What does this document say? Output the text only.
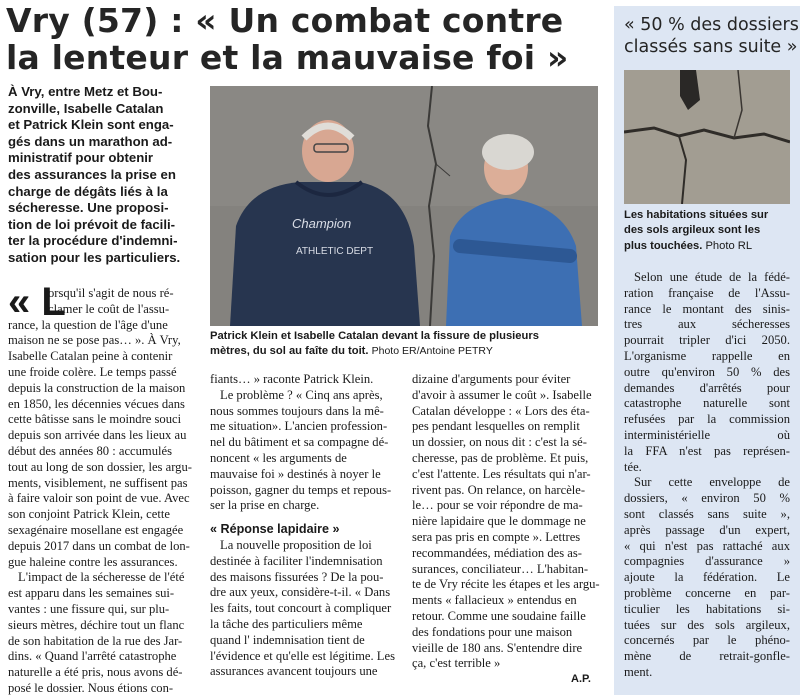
Vry (57) : « Un combat contre
la lenteur et la mauvaise foi »
À Vry, entre Metz et Bou-
zonville, Isabelle Catalan
et Patrick Klein sont enga-
gés dans un marathon ad-
ministratif pour obtenir
des assurances la prise en
charge de dégâts liés à la
sécheresse. Une proposi-
tion de loi prévoit de facili-
ter la procédure d'indemni-
sation pour les particuliers.
« L
orsqu'il s'agit de nous ré-
clamer le coût de l'assu-
rance, la question de l'âge d'une
maison ne se pose pas… ». À Vry,
Isabelle Catalan peine à contenir
une froide colère. Le temps passé
depuis la construction de la maison
en 1850, les décennies vécues dans
cette bâtisse sans le moindre souci
depuis son arrivée dans les lieux au
début des années 80 : accumulés
tout au long de son dossier, les argu-
ments, visiblement, ne suffisent pas
à faire valoir son point de vue. Avec
son conjoint Patrick Klein, cette
sexagénaire mosellane est engagée
depuis 2017 dans un combat de lon-
gue haleine contre les assurances.
L'impact de la sécheresse de l'été
est apparu dans les semaines sui-
vantes : une fissure qui, sur plu-
sieurs mètres, déchire tout un flanc
de son habitation de la rue des Jar-
dins. « Quand l'arrêté catastrophe
naturelle a été pris, nous avons dé-
posé le dossier. Nous étions con-
Champion
ATHLETIC DEPT
Patrick Klein et Isabelle Catalan devant la fissure de plusieurs
mètres, du sol au faîte du toit. Photo ER/Antoine PETRY
fiants… » raconte Patrick Klein.
Le problème ? « Cinq ans après,
nous sommes toujours dans la mê-
me situation». L'ancien profession-
nel du bâtiment et sa compagne dé-
noncent « les arguments de
mauvaise foi » destinés à noyer le
poisson, gagner du temps et repous-
ser la prise en charge.
« Réponse lapidaire »
La nouvelle proposition de loi
destinée à faciliter l'indemnisation
des maisons fissurées ? De la pou-
dre aux yeux, considère-t-il. « Dans
les faits, tout concourt à compliquer
la tâche des particuliers même
quand l' indemnisation tient de
l'évidence et qu'elle est légitime. Les
assurances avancent toujours une
dizaine d'arguments pour éviter
d'avoir à assumer le coût ». Isabelle
Catalan développe : « Lors des éta-
pes pendant lesquelles on remplit
un dossier, on nous dit : c'est la sé-
cheresse, pas de problème. Et puis,
c'est l'attente. Les résultats qui n'ar-
rivent pas. On relance, on harcèle-
le… pour se voir répondre de ma-
nière lapidaire que le dommage ne
sera pas pris en compte ». Lettres
recommandées, médiation des as-
surances, conciliateur… L'habitan-
te de Vry récite les étapes et les argu-
ments « fallacieux » entendus en
retour. Comme une soudaine faille
des fondations pour une maison
vieille de 180 ans. S'entendre dire
ça, c'est terrible »
A.P.
« 50 % des dossiers
classés sans suite »
Les habitations situées sur
des sols argileux sont les
plus touchées. Photo RL
Selon une étude de la fédé-
ration française de l'Assu-
rance le montant des sinis-
tres aux sécheresses
pourrait tripler d'ici 2050.
L'organisme rappelle en
outre qu'environ 50 % des
demandes d'arrêtés pour
catastrophe naturelle sont
refusées par la commission
interministérielle où
la FFA n'est pas représen-
tée.
Sur cette enveloppe de
dossiers, « environ 50 %
sont classés sans suite »,
après passage d'un expert,
« qui n'est pas rattaché aux
compagnies d'assurance »
ajoute la fédération. Le
problème concerne en par-
ticulier les habitations si-
tuées sur des sols argileux,
concernés par le phéno-
mène de retrait-gonfle-
ment.
